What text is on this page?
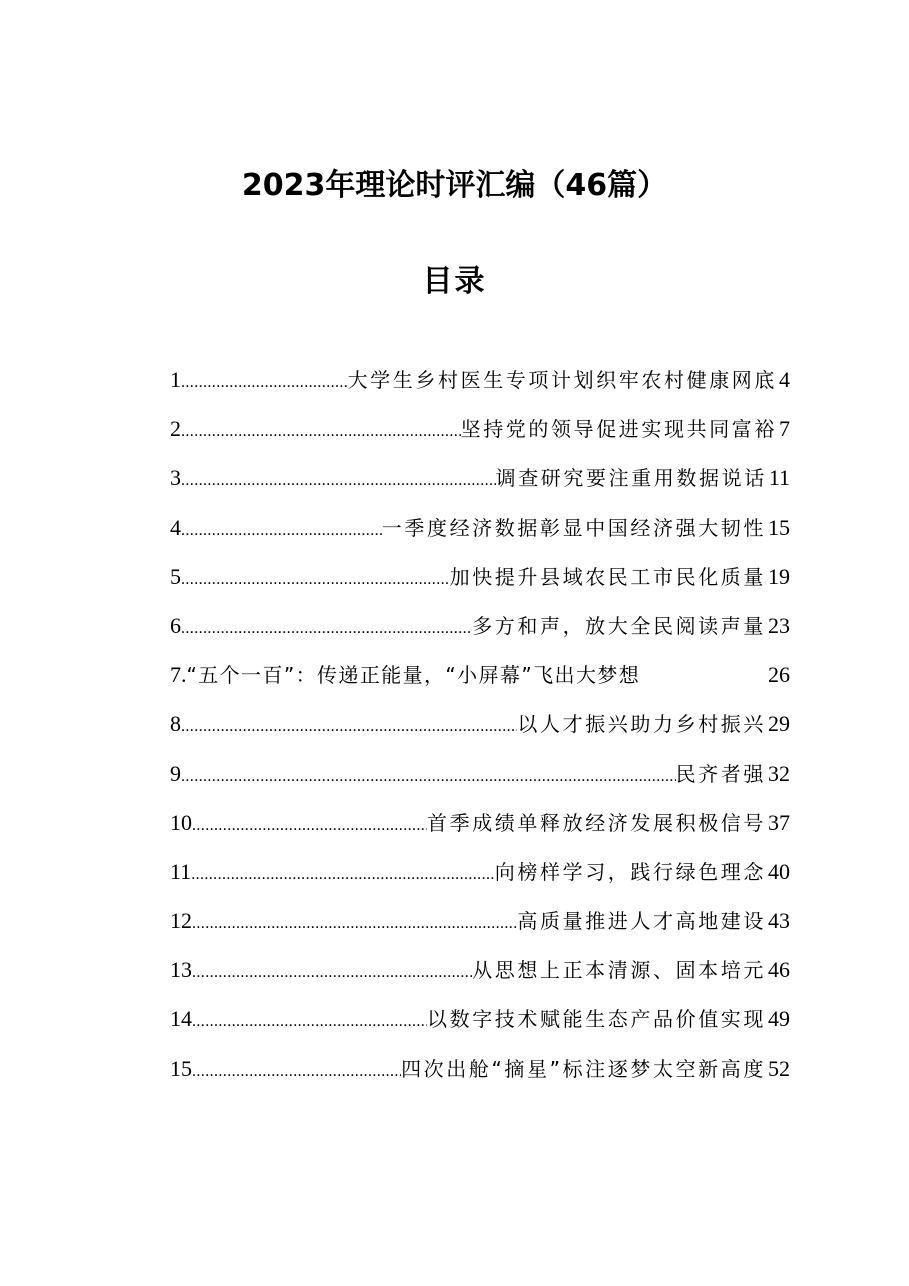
2023年理论时评汇编（46篇）
目录
1 .....	大学生乡村医生专项计划织牢农村健康网底 4
2 .....	坚持党的领导促进实现共同富裕 7
3 .....	调查研究要注重用数据说话 11
4 .....	一季度经济数据彰显中国经济强大韧性 15
5 .....	加快提升县域农民工市民化质量 19
6 .....	多方和声，放大全民阅读声量 23
7. “五个一百”：传递正能量，“小屏幕”飞出大梦想	26
8 .....	以人才振兴助力乡村振兴 29
9 .....	民齐者强 32
10 .....	首季成绩单释放经济发展积极信号 37
11 .....	向榜样学习，践行绿色理念 40
12 .....	高质量推进人才高地建设 43
13 .....	从思想上正本清源、固本培元 46
14 .....	以数字技术赋能生态产品价值实现 49
15 .....	四次出舱“摘星”标注逐梦太空新高度 52
